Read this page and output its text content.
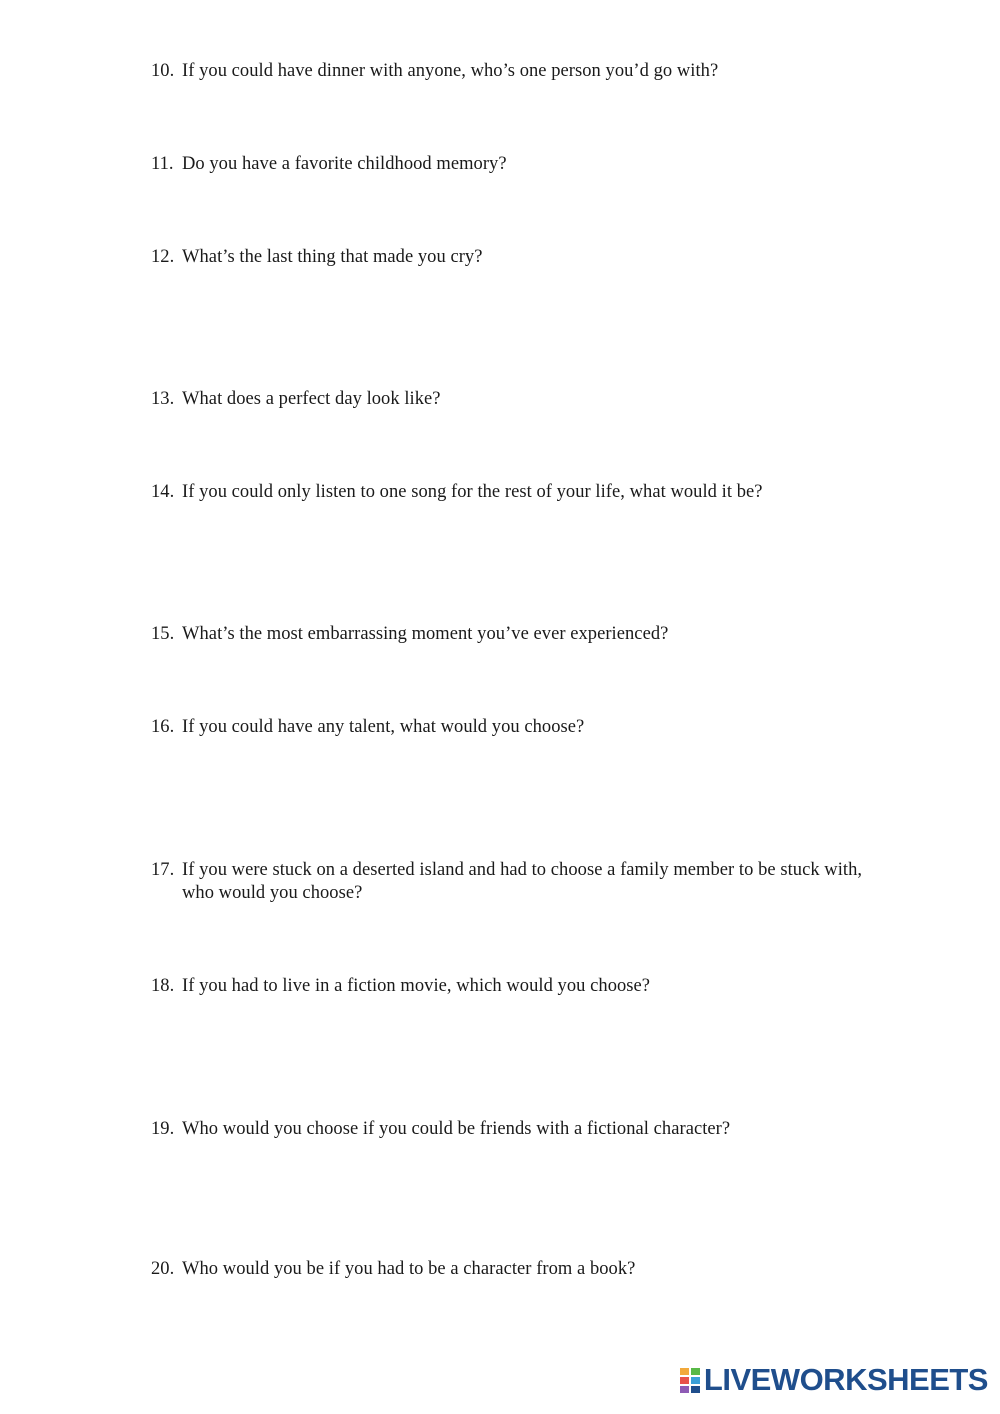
10. If you could have dinner with anyone, who’s one person you’d go with?
11. Do you have a favorite childhood memory?
12. What’s the last thing that made you cry?
13. What does a perfect day look like?
14. If you could only listen to one song for the rest of your life, what would it be?
15. What’s the most embarrassing moment you’ve ever experienced?
16. If you could have any talent, what would you choose?
17. If you were stuck on a deserted island and had to choose a family member to be stuck with, who would you choose?
18. If you had to live in a fiction movie, which would you choose?
19. Who would you choose if you could be friends with a fictional character?
20. Who would you be if you had to be a character from a book?
LIVEWORKSHEETS
